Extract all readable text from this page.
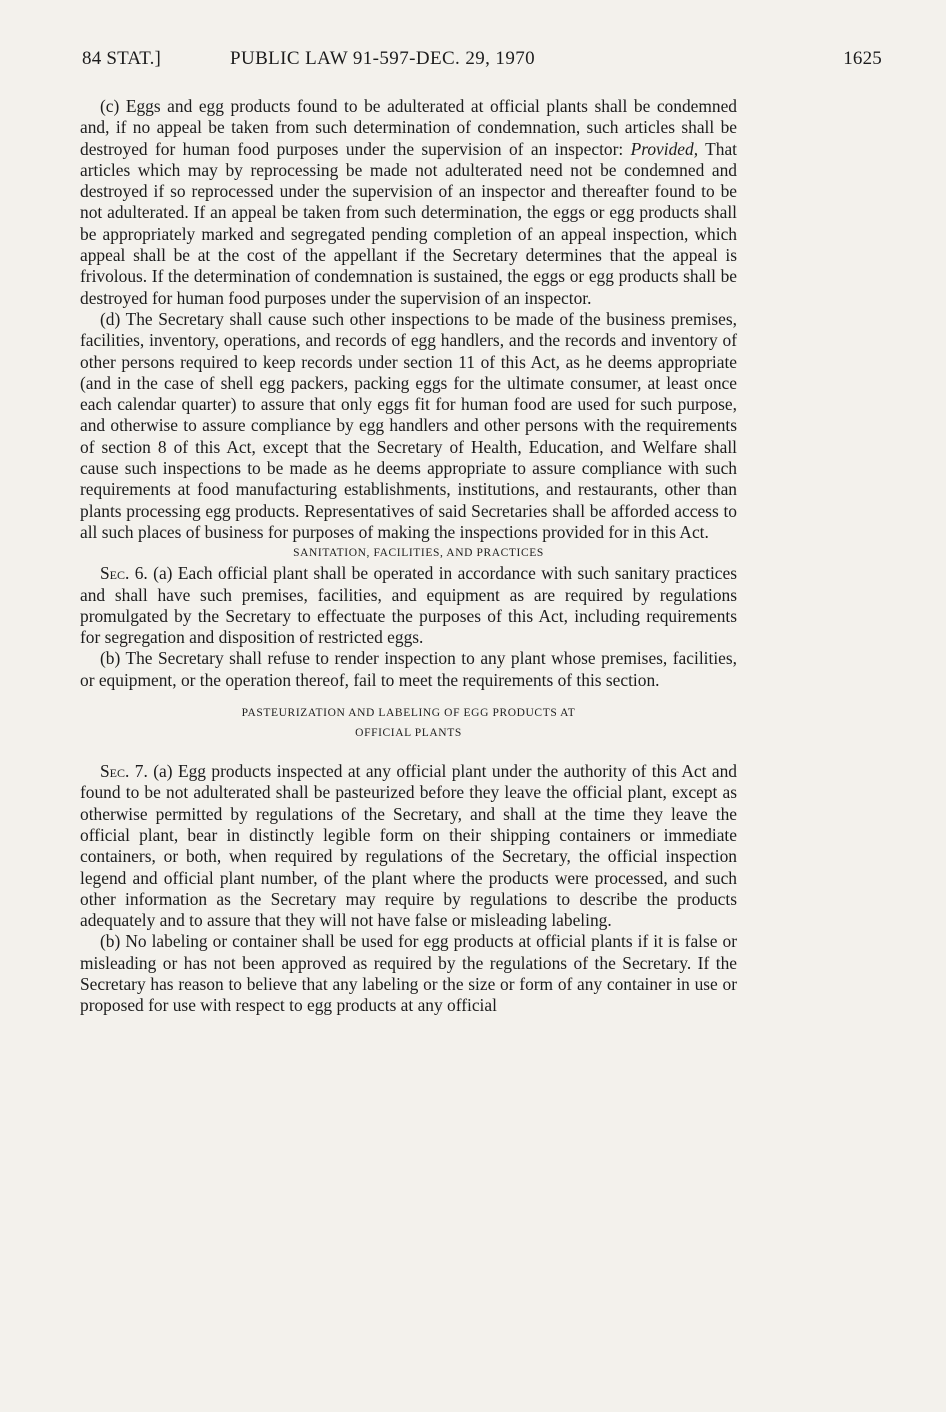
84 STAT.]	PUBLIC LAW 91-597-DEC. 29, 1970	1625

(c) Eggs and egg products found to be adulterated at official plants shall be condemned and, if no appeal be taken from such determination of condemnation, such articles shall be destroyed for human food purposes under the supervision of an inspector: Provided, That articles which may by reprocessing be made not adulterated need not be condemned and destroyed if so reprocessed under the supervision of an inspector and thereafter found to be not adulterated. If an appeal be taken from such determination, the eggs or egg products shall be appropriately marked and segregated pending completion of an appeal inspection, which appeal shall be at the cost of the appellant if the Secretary determines that the appeal is frivolous. If the determination of condemnation is sustained, the eggs or egg products shall be destroyed for human food purposes under the supervision of an inspector.

(d) The Secretary shall cause such other inspections to be made of the business premises, facilities, inventory, operations, and records of egg handlers, and the records and inventory of other persons required to keep records under section 11 of this Act, as he deems appropriate (and in the case of shell egg packers, packing eggs for the ultimate consumer, at least once each calendar quarter) to assure that only eggs fit for human food are used for such purpose, and otherwise to assure compliance by egg handlers and other persons with the requirements of section 8 of this Act, except that the Secretary of Health, Education, and Welfare shall cause such inspections to be made as he deems appropriate to assure compliance with such requirements at food manufacturing establishments, institutions, and restaurants, other than plants processing egg products. Representatives of said Secretaries shall be afforded access to all such places of business for purposes of making the inspections provided for in this Act.

SANITATION, FACILITIES, AND PRACTICES

Sec. 6. (a) Each official plant shall be operated in accordance with such sanitary practices and shall have such premises, facilities, and equipment as are required by regulations promulgated by the Secretary to effectuate the purposes of this Act, including requirements for segregation and disposition of restricted eggs.

(b) The Secretary shall refuse to render inspection to any plant whose premises, facilities, or equipment, or the operation thereof, fail to meet the requirements of this section.

PASTEURIZATION AND LABELING OF EGG PRODUCTS AT
OFFICIAL PLANTS

Sec. 7. (a) Egg products inspected at any official plant under the authority of this Act and found to be not adulterated shall be pasteurized before they leave the official plant, except as otherwise permitted by regulations of the Secretary, and shall at the time they leave the official plant, bear in distinctly legible form on their shipping containers or immediate containers, or both, when required by regulations of the Secretary, the official inspection legend and official plant number, of the plant where the products were processed, and such other information as the Secretary may require by regulations to describe the products adequately and to assure that they will not have false or misleading labeling.

(b) No labeling or container shall be used for egg products at official plants if it is false or misleading or has not been approved as required by the regulations of the Secretary. If the Secretary has reason to believe that any labeling or the size or form of any container in use or proposed for use with respect to egg products at any official
